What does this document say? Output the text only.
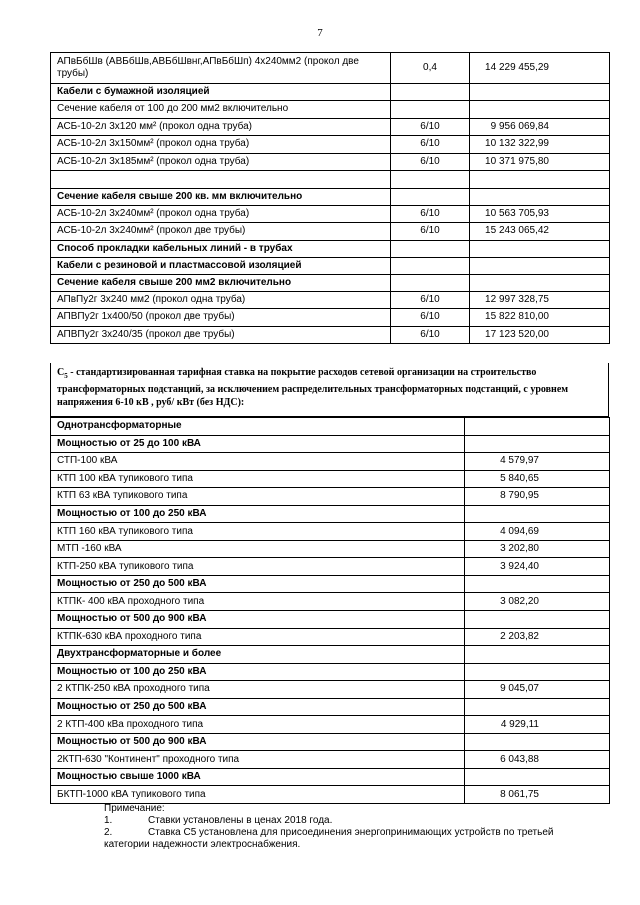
7
АПвБбШв (АВБбШв,АВБбШвнг,АПвБбШп) 4х240мм2 (прокол две трубы)	0,4	14 229 455,29
Кабели с бумажной изоляцией		
Сечение кабеля от 100 до 200 мм2 включительно		
АСБ-10-2л 3х120 мм² (прокол одна труба)	6/10	9 956 069,84
АСБ-10-2л 3х150мм² (прокол одна труба)	6/10	10 132 322,99
АСБ-10-2л 3х185мм² (прокол одна труба)	6/10	10 371 975,80

Сечение кабеля свыше 200 кв. мм включительно		
АСБ-10-2л 3х240мм² (прокол одна труба)	6/10	10 563 705,93
АСБ-10-2л 3х240мм² (прокол две трубы)	6/10	15 243 065,42
Способ прокладки кабельных линий - в трубах		
Кабели с резиновой и пластмассовой изоляцией		
Сечение кабеля свыше 200 мм2 включительно		
АПвПу2г 3х240 мм2 (прокол одна труба)	6/10	12 997 328,75
АПВПу2г 1х400/50 (прокол две трубы)	6/10	15 822 810,00
АПВПу2г 3х240/35 (прокол две трубы)	6/10	17 123 520,00
$С_5$ - стандартизированная тарифная ставка на покрытие расходов сетевой организации на строительство трансформаторных подстанций, за исключением распределительных трансформаторных подстанций, с уровнем напряжения 6-10 кВ , руб/ кВт (без НДС):
Однотрансформаторные	
Мощностью от 25 до 100 кВА	
СТП-100 кВА	4 579,97
КТП 100 кВА тупикового типа	5 840,65
КТП 63 кВА тупикового типа	8 790,95
Мощностью от 100 до 250 кВА	
КТП 160 кВА тупикового типа	4 094,69
МТП -160 кВА	3 202,80
КТП-250 кВА тупикового типа	3 924,40
Мощностью от 250 до 500 кВА	
КТПК- 400 кВА проходного типа	3 082,20
Мощностью от 500 до 900 кВА	
КТПК-630 кВА проходного типа	2 203,82
Двухтрансформаторные и более	
Мощностью от 100 до 250 кВА	
2 КТПК-250 кВА проходного типа	9 045,07
Мощностью от 250 до 500 кВА	
2 КТП-400 кВа проходного типа	4 929,11
Мощностью от 500 до 900 кВА	
2КТП-630 "Континент" проходного типа	6 043,88
Мощностью свыше 1000 кВА	
БКТП-1000 кВА тупикового типа	8 061,75
Примечание:
1.	Ставки установлены в ценах 2018 года.
2.	Ставка С5 установлена для присоединения энергопринимающих устройств по третьей
категории надежности электроснабжения.
